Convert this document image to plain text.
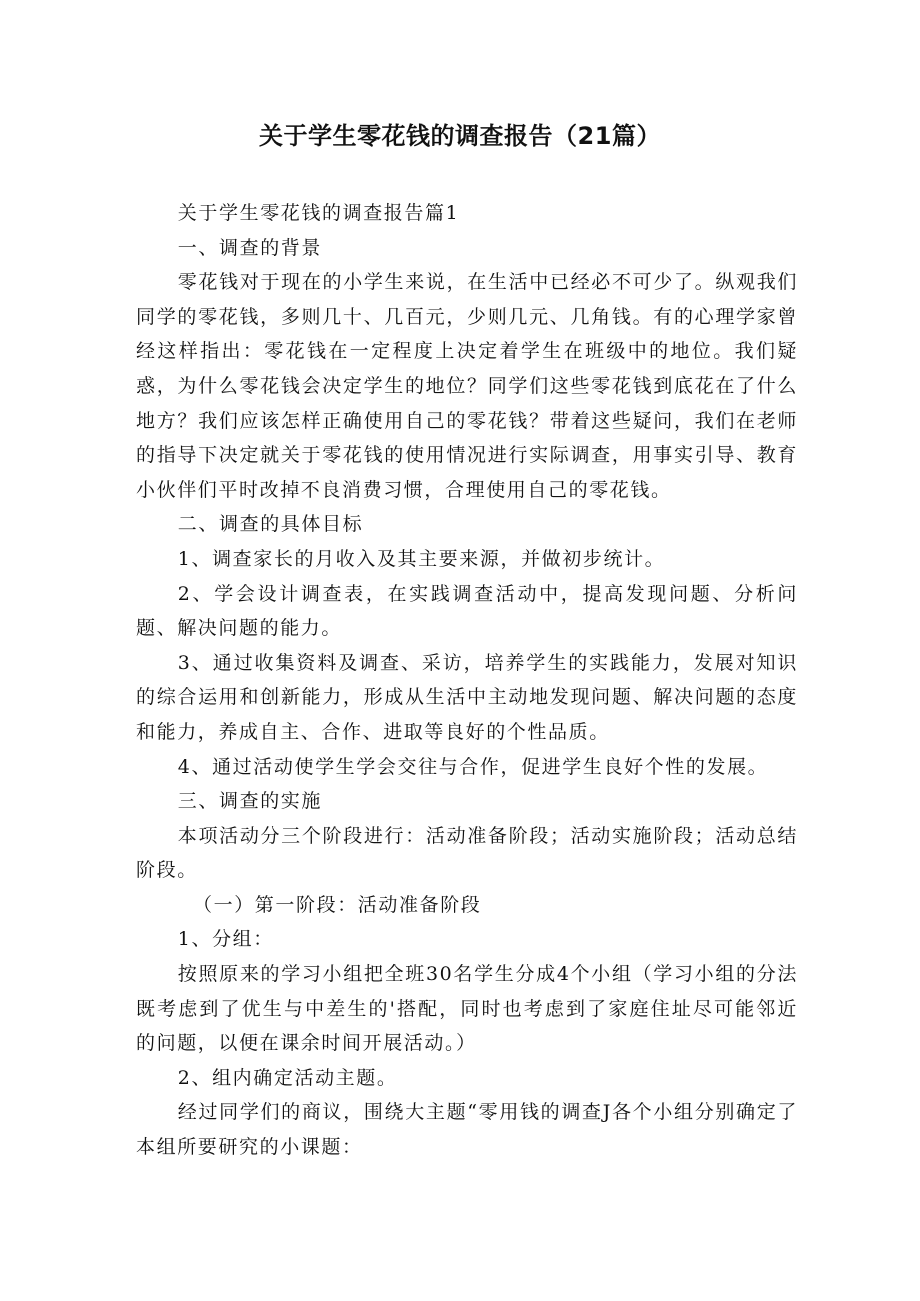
关于学生零花钱的调查报告（21篇）

关于学生零花钱的调查报告篇1

一、调查的背景

零花钱对于现在的小学生来说，在生活中已经必不可少了。纵观我们同学的零花钱，多则几十、几百元，少则几元、几角钱。有的心理学家曾经这样指出：零花钱在一定程度上决定着学生在班级中的地位。我们疑惑，为什么零花钱会决定学生的地位？同学们这些零花钱到底花在了什么地方？我们应该怎样正确使用自己的零花钱？带着这些疑问，我们在老师的指导下决定就关于零花钱的使用情况进行实际调查，用事实引导、教育小伙伴们平时改掉不良消费习惯，合理使用自己的零花钱。

二、调查的具体目标

1、调查家长的月收入及其主要来源，并做初步统计。

2、学会设计调查表，在实践调查活动中，提高发现问题、分析问题、解决问题的能力。

3、通过收集资料及调查、采访，培养学生的实践能力，发展对知识的综合运用和创新能力，形成从生活中主动地发现问题、解决问题的态度和能力，养成自主、合作、进取等良好的个性品质。

4、通过活动使学生学会交往与合作，促进学生良好个性的发展。

三、调查的实施

本项活动分三个阶段进行：活动准备阶段；活动实施阶段；活动总结阶段。

（一）第一阶段：活动准备阶段

1、分组：

按照原来的学习小组把全班30名学生分成4个小组（学习小组的分法既考虑到了优生与中差生的'搭配，同时也考虑到了家庭住址尽可能邻近的问题，以便在课余时间开展活动。）

2、组内确定活动主题。

经过同学们的商议，围绕大主题“零用钱的调查J各个小组分别确定了本组所要研究的小课题：
